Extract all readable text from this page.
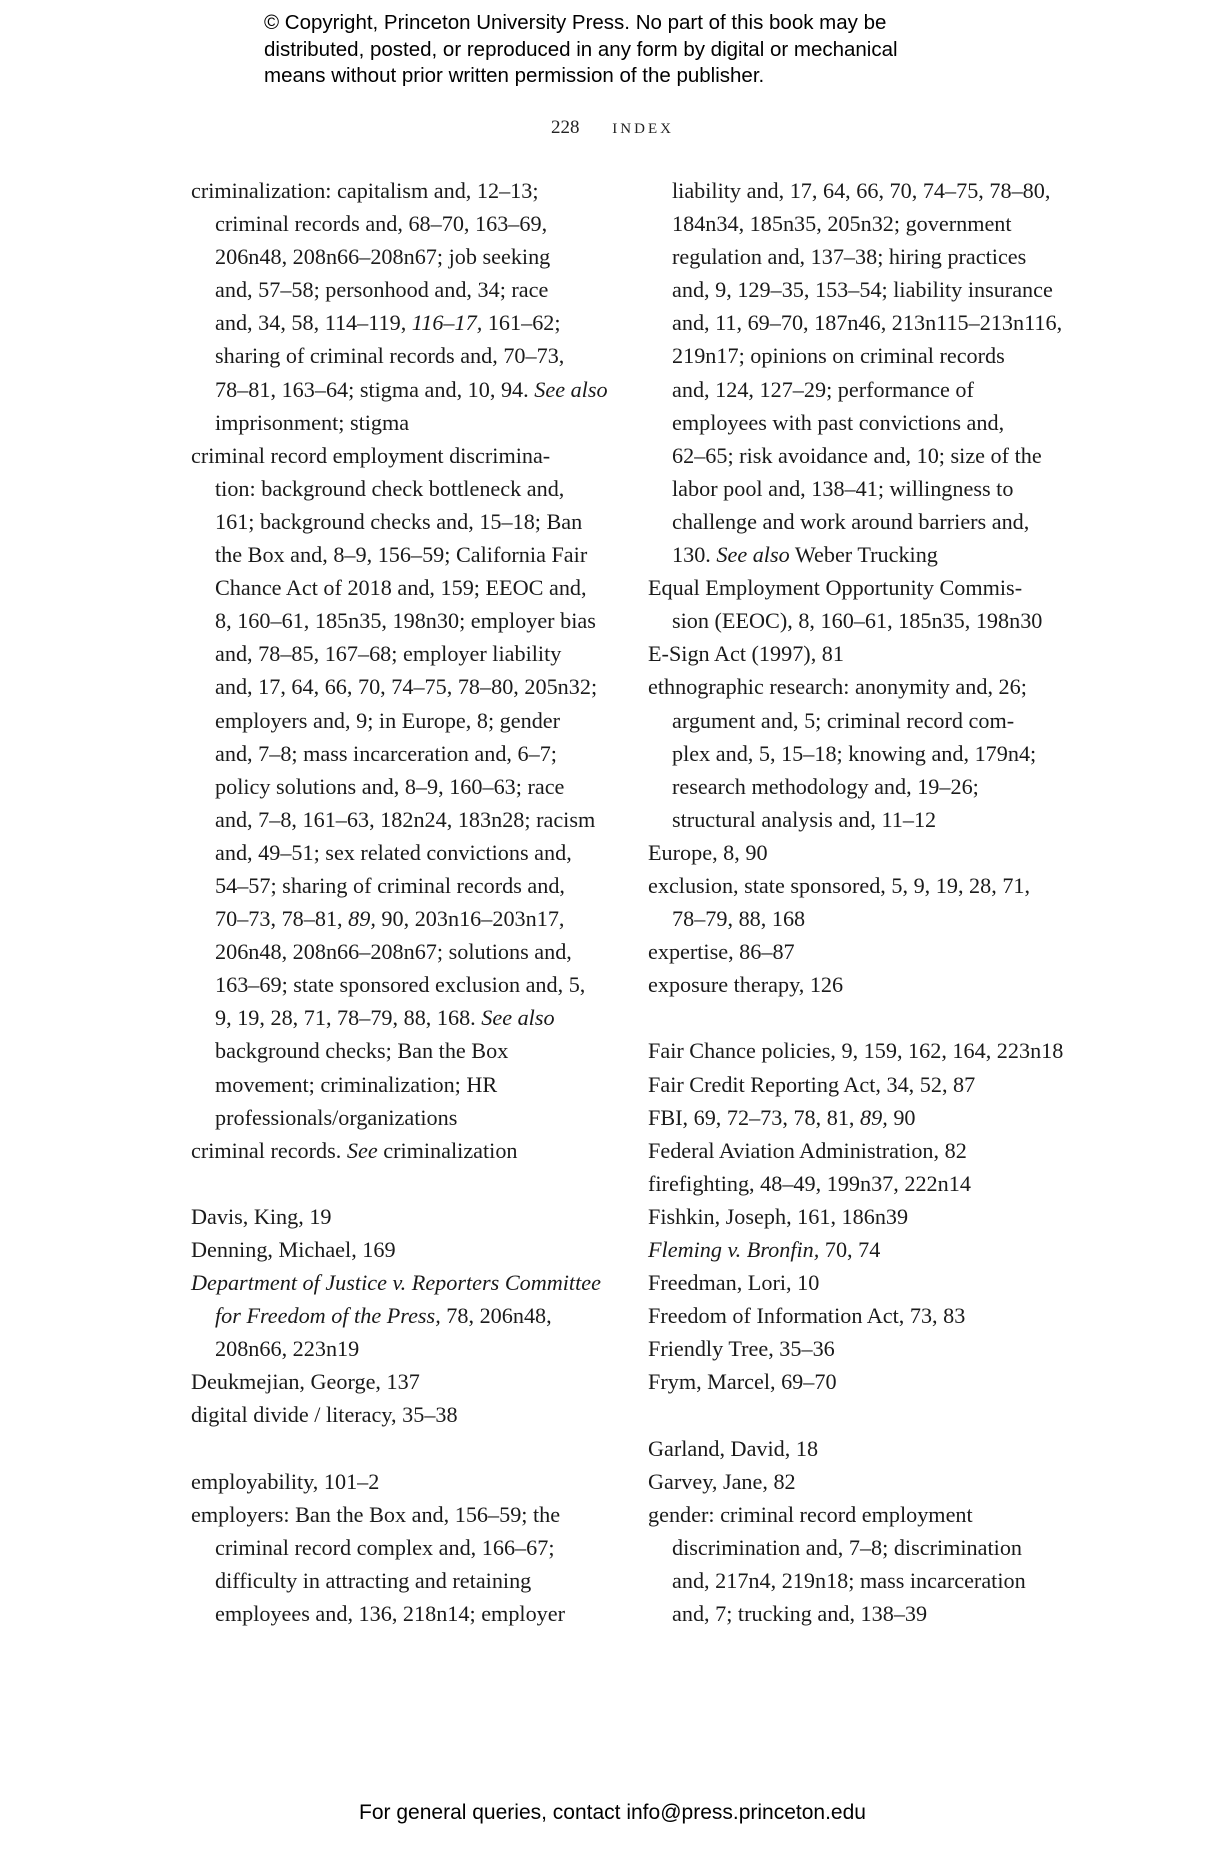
© Copyright, Princeton University Press. No part of this book may be
distributed, posted, or reproduced in any form by digital or mechanical
means without prior written permission of the publisher.
228 index
criminalization: capitalism and, 12–13;
criminal records and, 68–70, 163–69,
206n48, 208n66–208n67; job seeking
and, 57–58; personhood and, 34; race
and, 34, 58, 114–119, 116–17, 161–62;
sharing of criminal records and, 70–73,
78–81, 163–64; stigma and, 10, 94. See also
imprisonment; stigma
criminal record employment discrimina-
tion: background check bottleneck and,
161; background checks and, 15–18; Ban
the Box and, 8–9, 156–59; California Fair
Chance Act of 2018 and, 159; EEOC and,
8, 160–61, 185n35, 198n30; employer bias
and, 78–85, 167–68; employer liability
and, 17, 64, 66, 70, 74–75, 78–80, 205n32;
employers and, 9; in Europe, 8; gender
and, 7–8; mass incarceration and, 6–7;
policy solutions and, 8–9, 160–63; race
and, 7–8, 161–63, 182n24, 183n28; racism
and, 49–51; sex related convictions and,
54–57; sharing of criminal records and,
70–73, 78–81, 89, 90, 203n16–203n17,
206n48, 208n66–208n67; solutions and,
163–69; state sponsored exclusion and, 5,
9, 19, 28, 71, 78–79, 88, 168. See also
background checks; Ban the Box
movement; criminalization; HR
professionals/organizations
criminal records. See criminalization
Davis, King, 19
Denning, Michael, 169
Department of Justice v. Reporters Committee
for Freedom of the Press, 78, 206n48,
208n66, 223n19
Deukmejian, George, 137
digital divide / literacy, 35–38
employability, 101–2
employers: Ban the Box and, 156–59; the
criminal record complex and, 166–67;
difficulty in attracting and retaining
employees and, 136, 218n14; employer
liability and, 17, 64, 66, 70, 74–75, 78–80,
184n34, 185n35, 205n32; government
regulation and, 137–38; hiring practices
and, 9, 129–35, 153–54; liability insurance
and, 11, 69–70, 187n46, 213n115–213n116,
219n17; opinions on criminal records
and, 124, 127–29; performance of
employees with past convictions and,
62–65; risk avoidance and, 10; size of the
labor pool and, 138–41; willingness to
challenge and work around barriers and,
130. See also Weber Trucking
Equal Employment Opportunity Commis-
sion (EEOC), 8, 160–61, 185n35, 198n30
E-Sign Act (1997), 81
ethnographic research: anonymity and, 26;
argument and, 5; criminal record com-
plex and, 5, 15–18; knowing and, 179n4;
research methodology and, 19–26;
structural analysis and, 11–12
Europe, 8, 90
exclusion, state sponsored, 5, 9, 19, 28, 71,
78–79, 88, 168
expertise, 86–87
exposure therapy, 126
Fair Chance policies, 9, 159, 162, 164, 223n18
Fair Credit Reporting Act, 34, 52, 87
FBI, 69, 72–73, 78, 81, 89, 90
Federal Aviation Administration, 82
firefighting, 48–49, 199n37, 222n14
Fishkin, Joseph, 161, 186n39
Fleming v. Bronfin, 70, 74
Freedman, Lori, 10
Freedom of Information Act, 73, 83
Friendly Tree, 35–36
Frym, Marcel, 69–70
Garland, David, 18
Garvey, Jane, 82
gender: criminal record employment
discrimination and, 7–8; discrimination
and, 217n4, 219n18; mass incarceration
and, 7; trucking and, 138–39
For general queries, contact info@press.princeton.edu
